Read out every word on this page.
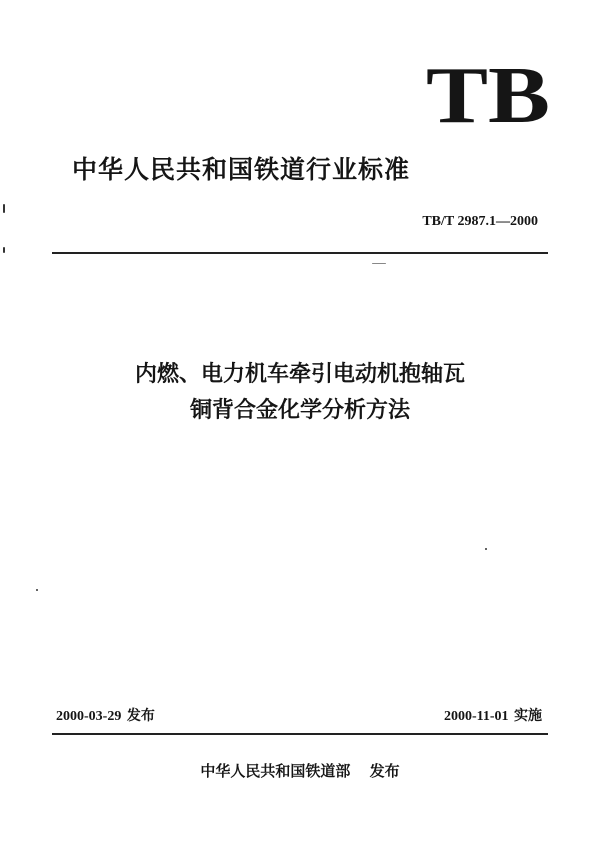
TB
中华人民共和国铁道行业标准
TB/T 2987.1—2000
内燃、电力机车牵引电动机抱轴瓦
铜背合金化学分析方法
2000-03-29 发布	2000-11-01 实施
中华人民共和国铁道部 发布
